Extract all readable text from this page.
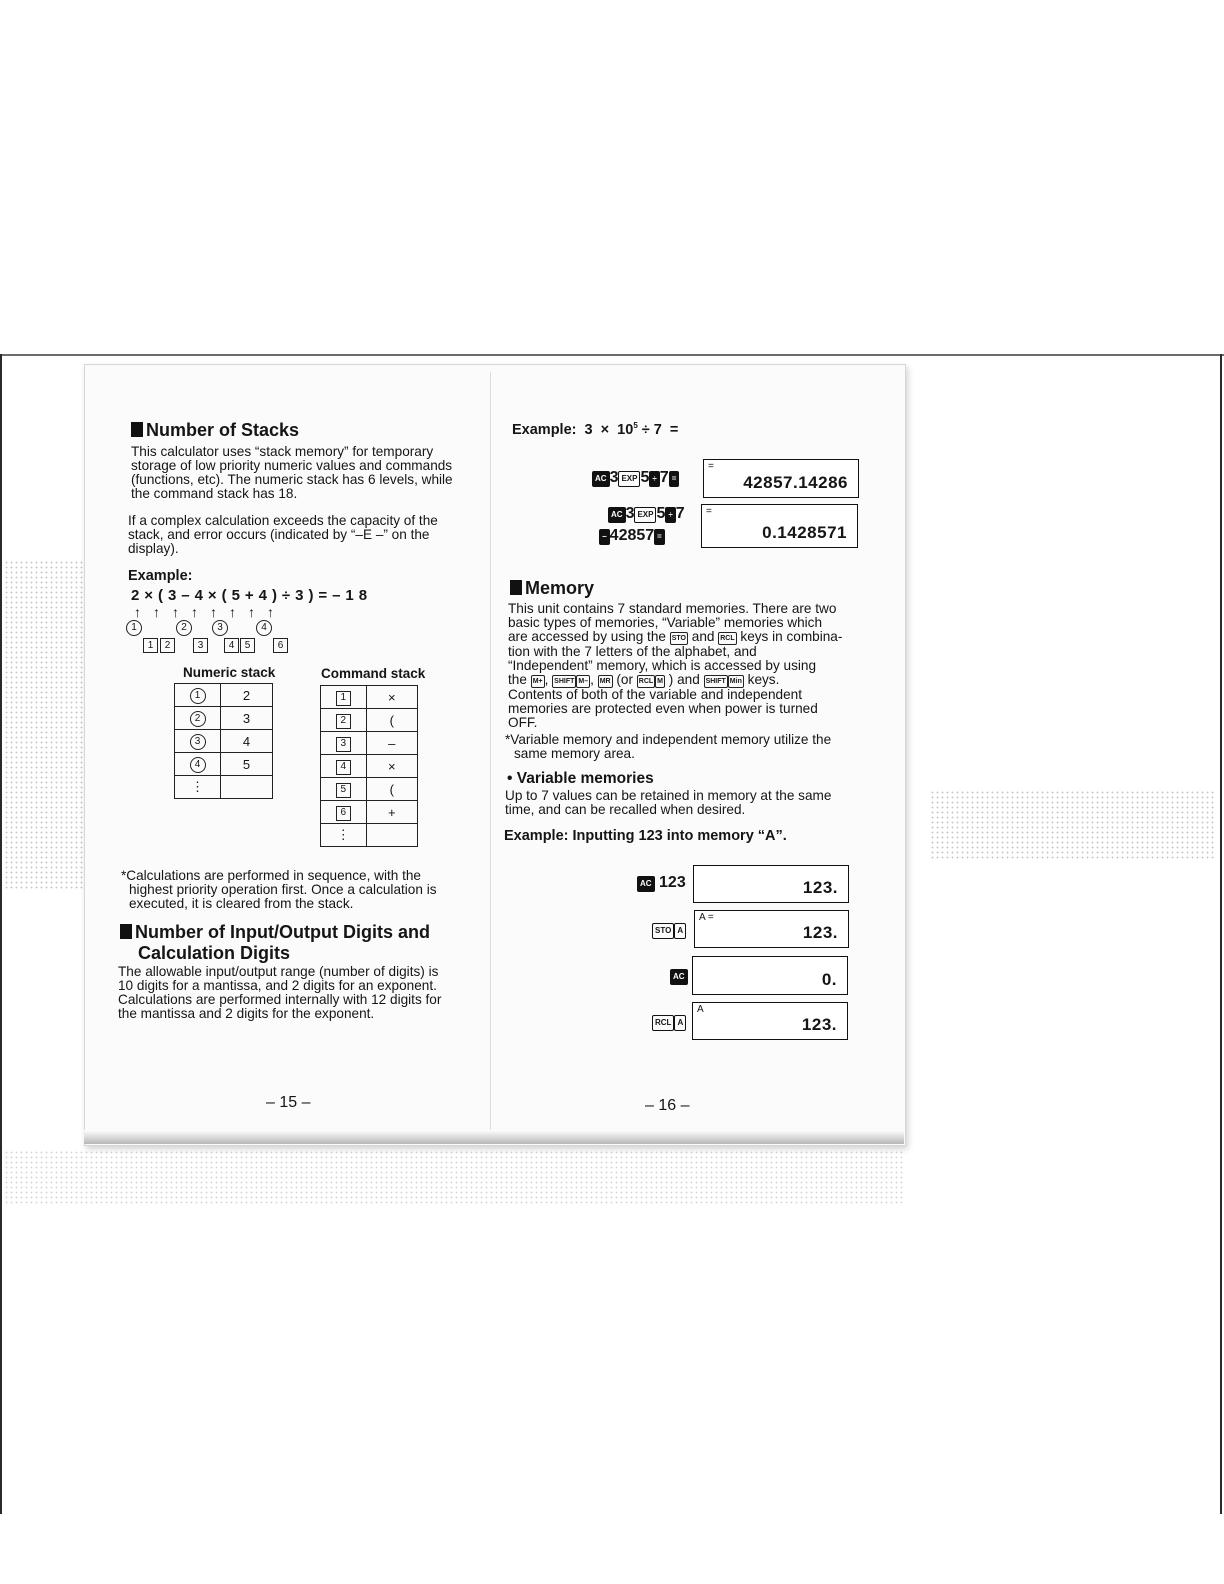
Number of Stacks
This calculator uses “stack memory” for temporary
storage of low priority numeric values and commands
(functions, etc). The numeric stack has 6 levels, while
the command stack has 18.
If a complex calculation exceeds the capacity of the
stack, and error occurs (indicated by “–E –” on the
display).
Example:
2 × ( 3 – 4 × ( 5 + 4 ) ÷ 3 ) = – 1 8
↑ ↑ ↑ ↑ ↑ ↑ ↑ ↑
1	2	3	4
1	2	3	4	5	6
Numeric stack	Command stack
1	2
2	3
3	4
4	5
⋮	
1	×
2	(
3	–
4	×
5	(
6	+
⋮	
*Calculations are performed in sequence, with the
highest priority operation first. Once a calculation is
executed, it is cleared from the stack.
Number of Input/Output Digits and
Calculation Digits
The allowable input/output range (number of digits) is
10 digits for a mantissa, and 2 digits for an exponent.
Calculations are performed internally with 12 digits for
the mantissa and 2 digits for the exponent.
– 15 –
Example:  $3 \times 10^5 \div 7$  =
AC 3 EXP 5 ÷ 7 =
=
42857.14286
AC 3 EXP 5 ÷ 7
− 42857 =
=
0.1428571
Memory
This unit contains 7 standard memories. There are two
basic types of memories, “Variable” memories which
are accessed by using the STO and RCL keys in combina-
tion with the 7 letters of the alphabet, and
“Independent” memory, which is accessed by using
the M+ , SHIFT M– , MR (or RCL M ) and SHIFT Min keys.
Contents of both of the variable and independent
memories are protected even when power is turned
OFF.
*Variable memory and independent memory utilize the
same memory area.
• Variable memories
Up to 7 values can be retained in memory at the same
time, and can be recalled when desired.
Example: Inputting 123 into memory “A”.
AC 123	123.
STO A
A =
123.
AC	0.
RCL A
A
123.
– 16 –
